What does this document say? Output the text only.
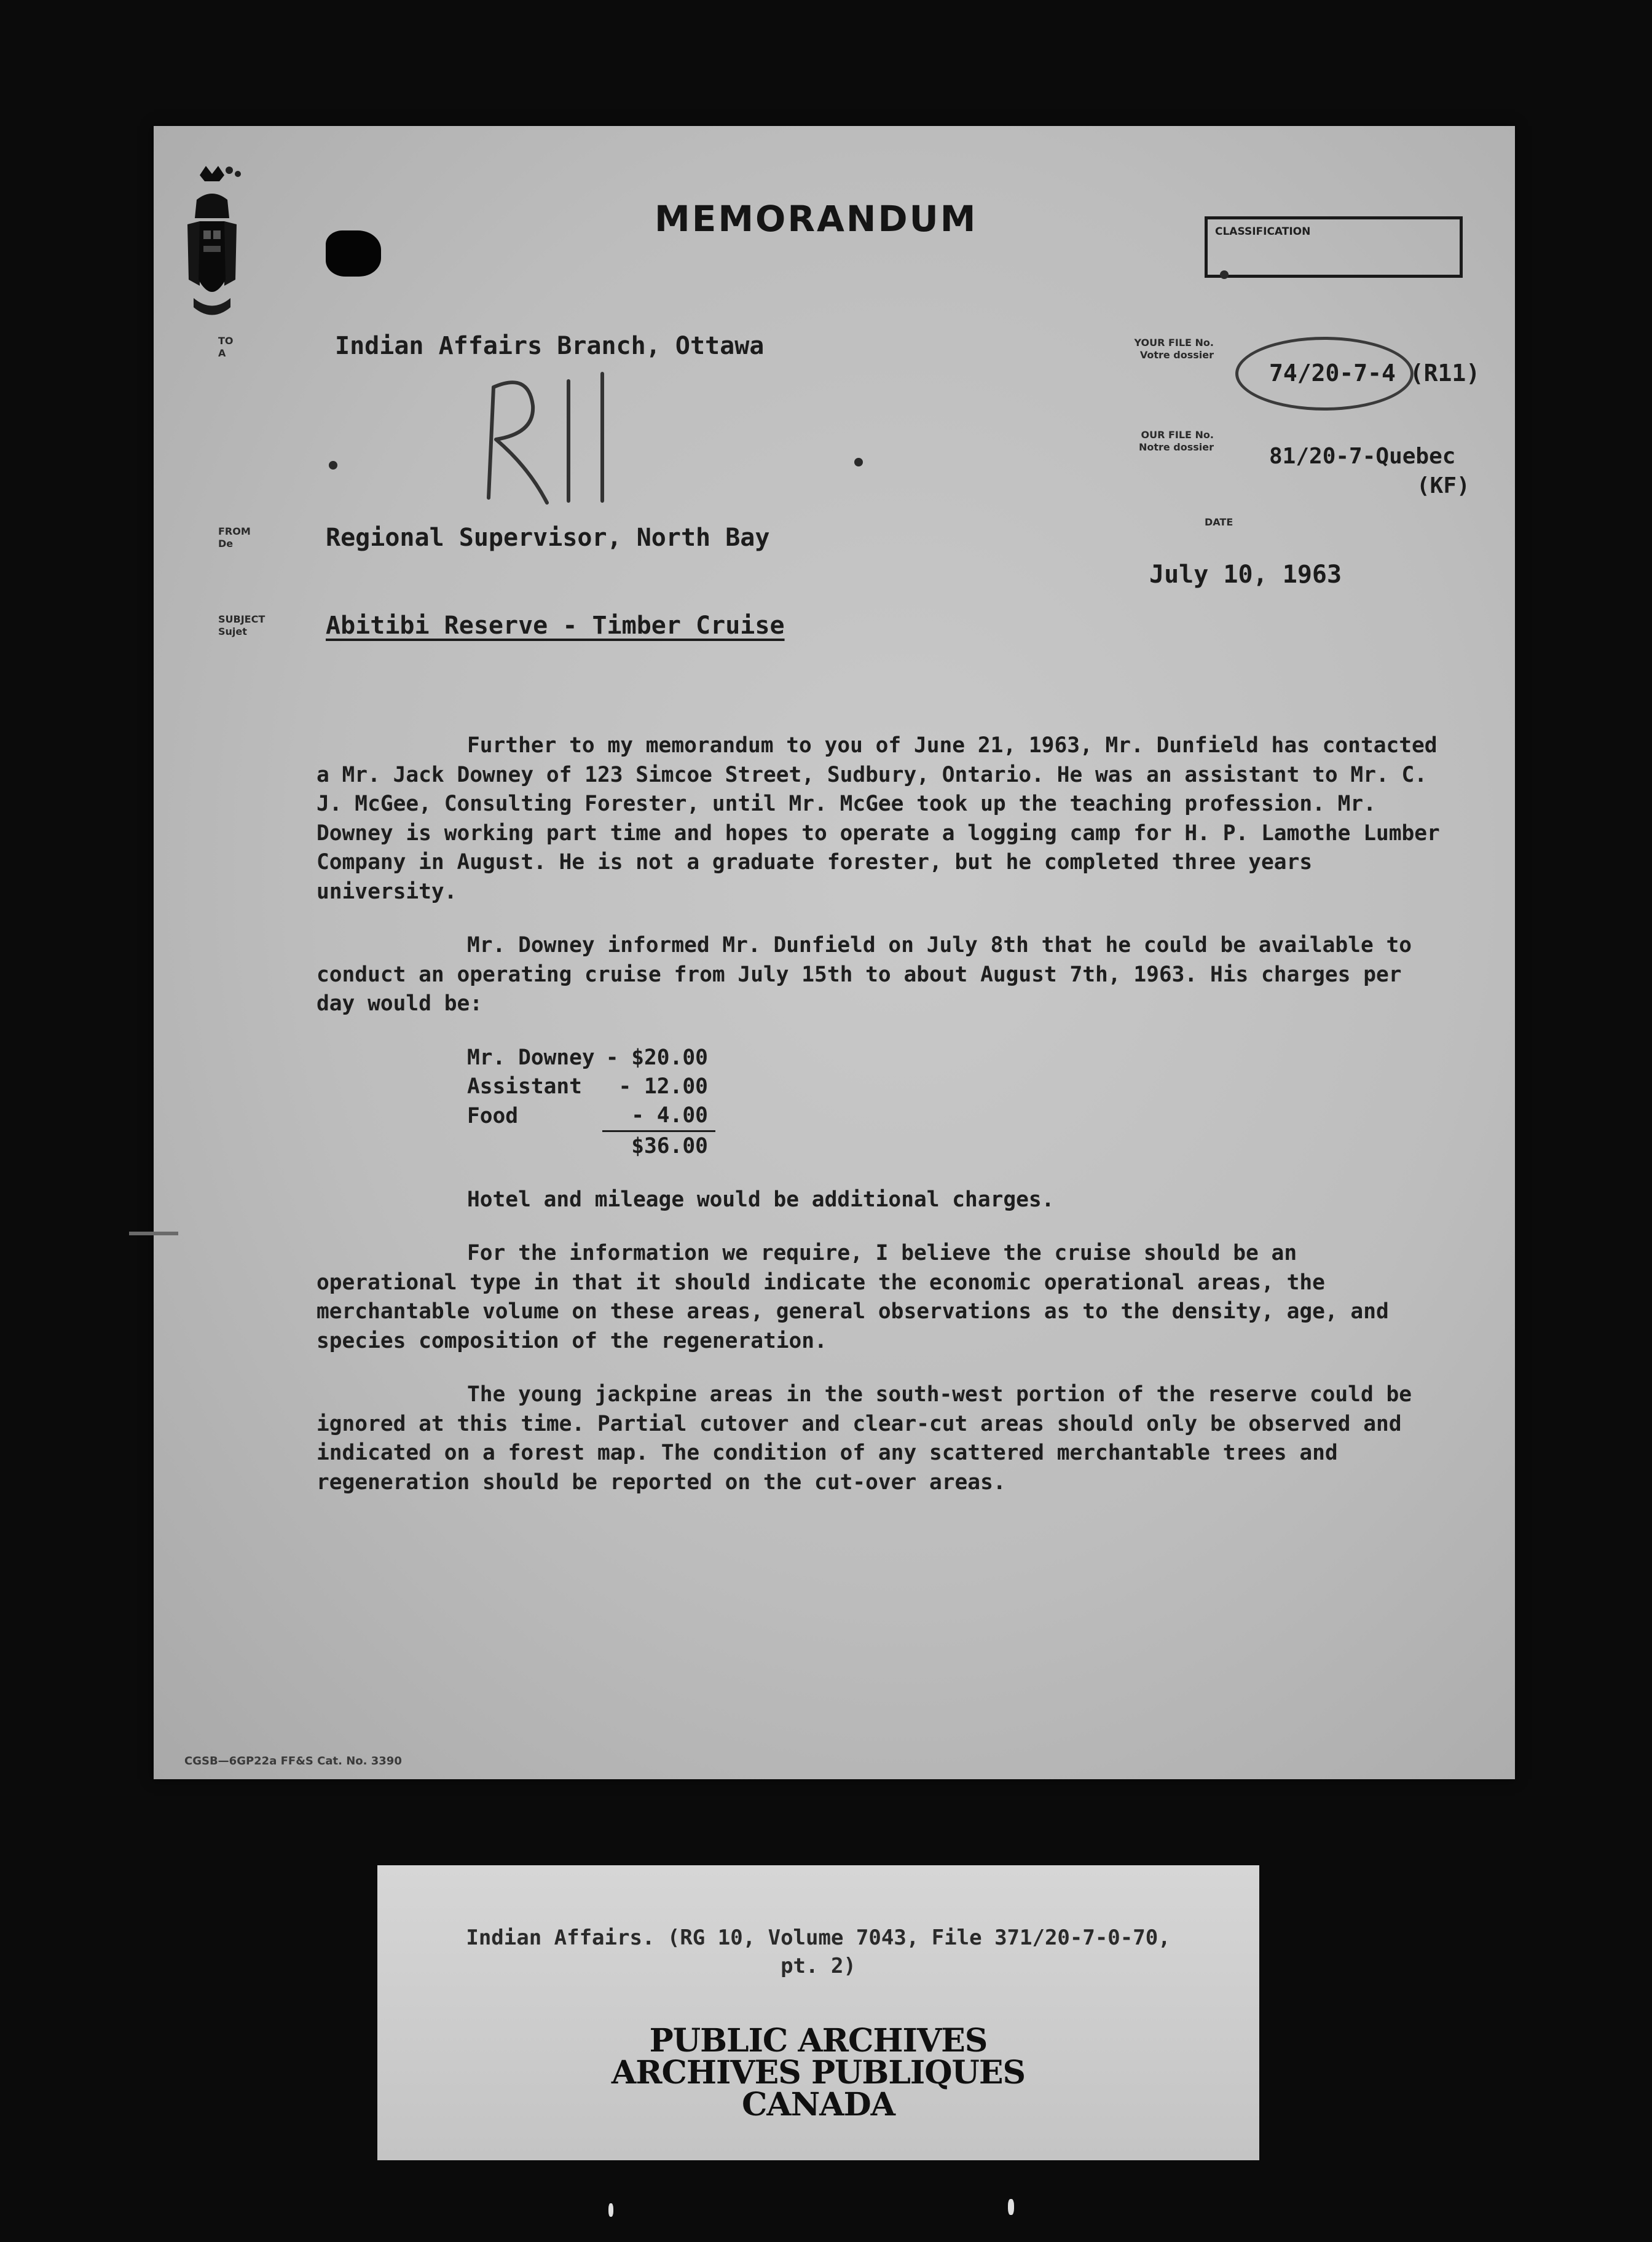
MEMORANDUM	CLASSIFICATION
TO
A	Indian Affairs Branch, Ottawa	YOUR FILE No.
Votre dossier
74/20-7-4 (R11)
OUR FILE No.
Notre dossier	81/20-7-Quebec
(KF)
FROM
De	Regional Supervisor, North Bay
DATE
July 10, 1963
SUBJECT
Sujet	Abitibi Reserve - Timber Cruise

Further to my memorandum to you of June 21, 1963, Mr. Dunfield has contacted a Mr. Jack Downey of 123 Simcoe Street, Sudbury, Ontario. He was an assistant to Mr. C. J. McGee, Consulting Forester, until Mr. McGee took up the teaching profession. Mr. Downey is working part time and hopes to operate a logging camp for H. P. Lamothe Lumber Company in August. He is not a graduate forester, but he completed three years university.

Mr. Downey informed Mr. Dunfield on July 8th that he could be available to conduct an operating cruise from July 15th to about August 7th, 1963. His charges per day would be:

Mr. Downey	- $20.00
Assistant	- 12.00
Food	- 4.00
	$36.00

Hotel and mileage would be additional charges.

For the information we require, I believe the cruise should be an operational type in that it should indicate the economic operational areas, the merchantable volume on these areas, general observations as to the density, age, and species composition of the regeneration.

The young jackpine areas in the south-west portion of the reserve could be ignored at this time. Partial cutover and clear-cut areas should only be observed and indicated on a forest map. The condition of any scattered merchantable trees and regeneration should be reported on the cut-over areas.

CGSB—6GP22a FF&S Cat. No. 3390
Indian Affairs. (RG 10, Volume 7043, File 371/20-7-0-70,
pt. 2)
PUBLIC ARCHIVES
ARCHIVES PUBLIQUES
CANADA
